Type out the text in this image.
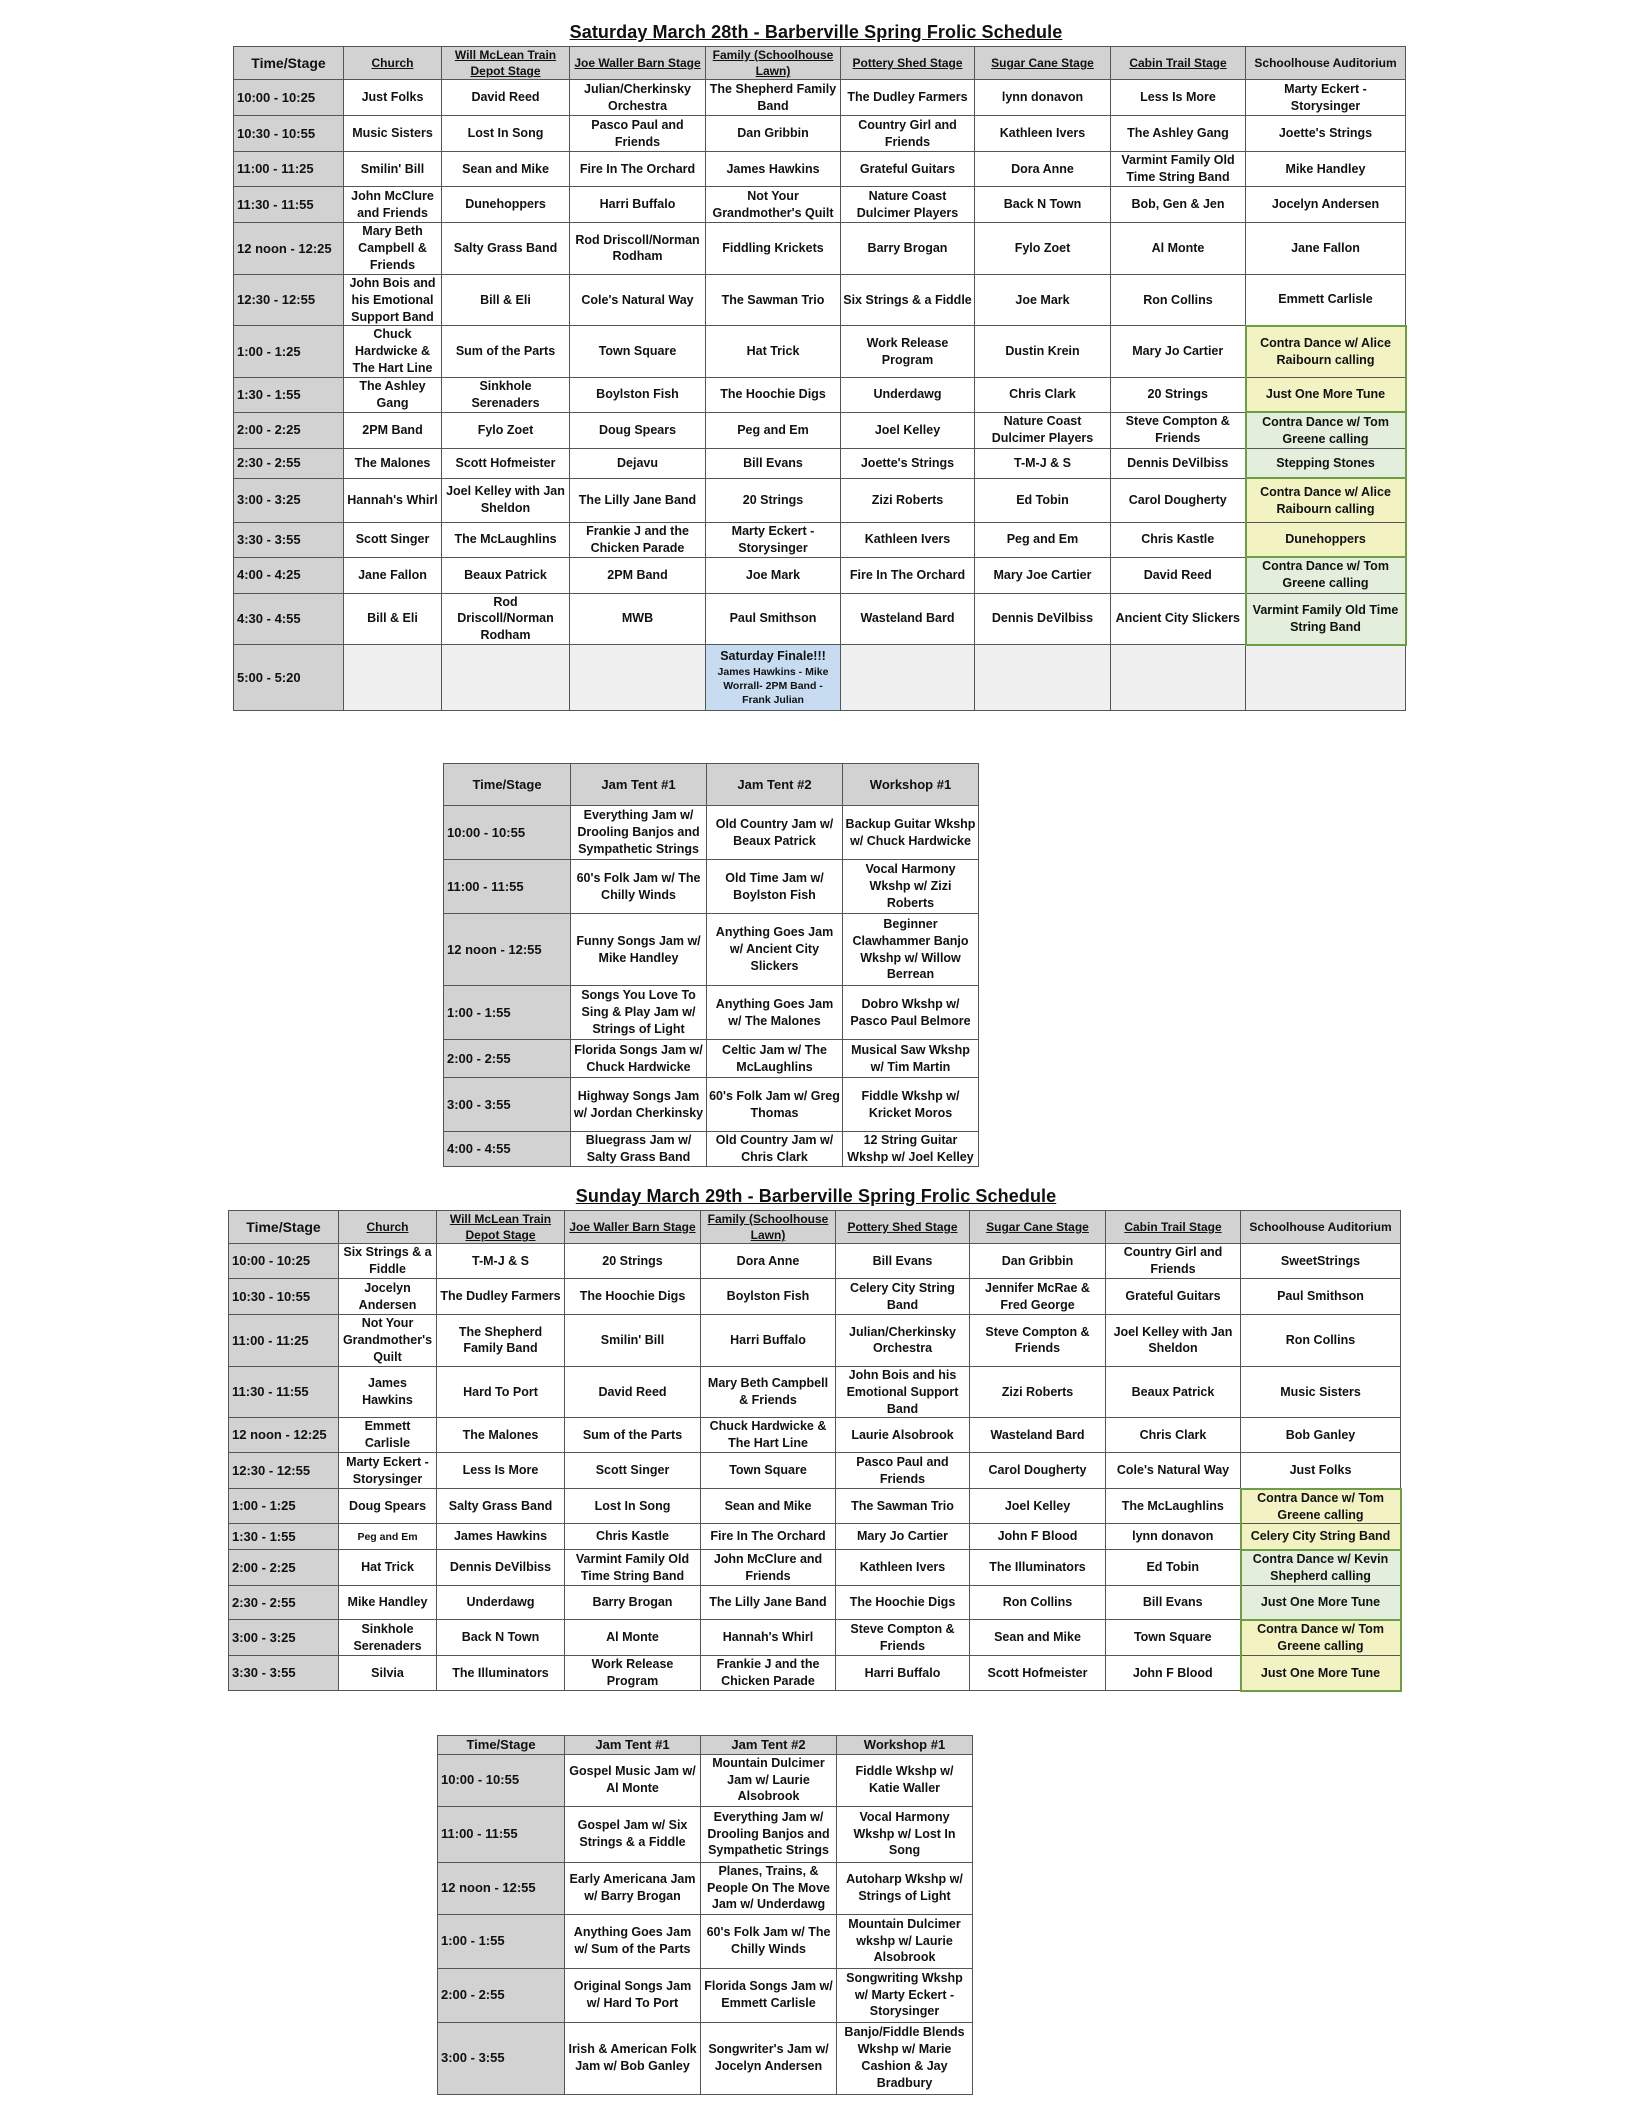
Saturday March 28th - Barberville Spring Frolic Schedule
Time/Stage	Church	Will McLean Train Depot Stage	Joe Waller Barn Stage	Family (Schoolhouse Lawn)	Pottery Shed Stage	Sugar Cane Stage	Cabin Trail Stage	Schoolhouse Auditorium
10:00 - 10:25	Just Folks	David Reed	Julian/Cherkinsky Orchestra	The Shepherd Family Band	The Dudley Farmers	lynn donavon	Less Is More	Marty Eckert - Storysinger
10:30 - 10:55	Music Sisters	Lost In Song	Pasco Paul and Friends	Dan Gribbin	Country Girl and Friends	Kathleen Ivers	The Ashley Gang	Joette's Strings
11:00 - 11:25	Smilin' Bill	Sean and Mike	Fire In The Orchard	James Hawkins	Grateful Guitars	Dora Anne	Varmint Family Old Time String Band	Mike Handley
11:30 - 11:55	John McClure and Friends	Dunehoppers	Harri Buffalo	Not Your Grandmother's Quilt	Nature Coast Dulcimer Players	Back N Town	Bob, Gen & Jen	Jocelyn Andersen
12 noon - 12:25	Mary Beth Campbell & Friends	Salty Grass Band	Rod Driscoll/Norman Rodham	Fiddling Krickets	Barry Brogan	Fylo Zoet	Al Monte	Jane Fallon
12:30 - 12:55	John Bois and his Emotional Support Band	Bill & Eli	Cole's Natural Way	The Sawman Trio	Six Strings & a Fiddle	Joe Mark	Ron Collins	Emmett Carlisle
1:00 - 1:25	Chuck Hardwicke & The Hart Line	Sum of the Parts	Town Square	Hat Trick	Work Release Program	Dustin Krein	Mary Jo Cartier	Contra Dance w/ Alice Raibourn calling
1:30 - 1:55	The Ashley Gang	Sinkhole Serenaders	Boylston Fish	The Hoochie Digs	Underdawg	Chris Clark	20 Strings	Just One More Tune
2:00 - 2:25	2PM Band	Fylo Zoet	Doug Spears	Peg and Em	Joel Kelley	Nature Coast Dulcimer Players	Steve Compton & Friends	Contra Dance w/ Tom Greene calling
2:30 - 2:55	The Malones	Scott Hofmeister	Dejavu	Bill Evans	Joette's Strings	T-M-J & S	Dennis DeVilbiss	Stepping Stones
3:00 - 3:25	Hannah's Whirl	Joel Kelley with Jan Sheldon	The Lilly Jane Band	20 Strings	Zizi Roberts	Ed Tobin	Carol Dougherty	Contra Dance w/ Alice Raibourn calling
3:30 - 3:55	Scott Singer	The McLaughlins	Frankie J and the Chicken Parade	Marty Eckert - Storysinger	Kathleen Ivers	Peg and Em	Chris Kastle	Dunehoppers
4:00 - 4:25	Jane Fallon	Beaux Patrick	2PM Band	Joe Mark	Fire In The Orchard	Mary Joe Cartier	David Reed	Contra Dance w/ Tom Greene calling
4:30 - 4:55	Bill & Eli	Rod Driscoll/Norman Rodham	MWB	Paul Smithson	Wasteland Bard	Dennis DeVilbiss	Ancient City Slickers	Varmint Family Old Time String Band
5:00 - 5:20				Saturday Finale!!!
James Hawkins - Mike Worrall- 2PM Band - Frank Julian				

Time/Stage	Jam Tent #1	Jam Tent #2	Workshop #1
10:00 - 10:55	Everything Jam w/ Drooling Banjos and Sympathetic Strings	Old Country Jam w/ Beaux Patrick	Backup Guitar Wkshp w/ Chuck Hardwicke
11:00 - 11:55	60's Folk Jam w/ The Chilly Winds	Old Time Jam w/ Boylston Fish	Vocal Harmony Wkshp w/ Zizi Roberts
12 noon - 12:55	Funny Songs Jam w/ Mike Handley	Anything Goes Jam w/ Ancient City Slickers	Beginner Clawhammer Banjo Wkshp w/ Willow Berrean
1:00 - 1:55	Songs You Love To Sing & Play Jam w/ Strings of Light	Anything Goes Jam w/ The Malones	Dobro Wkshp w/ Pasco Paul Belmore
2:00 - 2:55	Florida Songs Jam w/ Chuck Hardwicke	Celtic Jam w/ The McLaughlins	Musical Saw Wkshp w/ Tim Martin
3:00 - 3:55	Highway Songs Jam w/ Jordan Cherkinsky	60's Folk Jam w/ Greg Thomas	Fiddle Wkshp w/ Kricket Moros
4:00 - 4:55	Bluegrass Jam w/ Salty Grass Band	Old Country Jam w/ Chris Clark	12 String Guitar Wkshp w/ Joel Kelley
Sunday March 29th - Barberville Spring Frolic Schedule
Time/Stage	Church	Will McLean Train Depot Stage	Joe Waller Barn Stage	Family (Schoolhouse Lawn)	Pottery Shed Stage	Sugar Cane Stage	Cabin Trail Stage	Schoolhouse Auditorium
10:00 - 10:25	Six Strings & a Fiddle	T-M-J & S	20 Strings	Dora Anne	Bill Evans	Dan Gribbin	Country Girl and Friends	SweetStrings
10:30 - 10:55	Jocelyn Andersen	The Dudley Farmers	The Hoochie Digs	Boylston Fish	Celery City String Band	Jennifer McRae & Fred George	Grateful Guitars	Paul Smithson
11:00 - 11:25	Not Your Grandmother's Quilt	The Shepherd Family Band	Smilin' Bill	Harri Buffalo	Julian/Cherkinsky Orchestra	Steve Compton & Friends	Joel Kelley with Jan Sheldon	Ron Collins
11:30 - 11:55	James Hawkins	Hard To Port	David Reed	Mary Beth Campbell & Friends	John Bois and his Emotional Support Band	Zizi Roberts	Beaux Patrick	Music Sisters
12 noon - 12:25	Emmett Carlisle	The Malones	Sum of the Parts	Chuck Hardwicke & The Hart Line	Laurie Alsobrook	Wasteland Bard	Chris Clark	Bob Ganley
12:30 - 12:55	Marty Eckert - Storysinger	Less Is More	Scott Singer	Town Square	Pasco Paul and Friends	Carol Dougherty	Cole's Natural Way	Just Folks
1:00 - 1:25	Doug Spears	Salty Grass Band	Lost In Song	Sean and Mike	The Sawman Trio	Joel Kelley	The McLaughlins	Contra Dance w/ Tom Greene calling
1:30 - 1:55	Peg and Em	James Hawkins	Chris Kastle	Fire In The Orchard	Mary Jo Cartier	John F Blood	lynn donavon	Celery City String Band
2:00 - 2:25	Hat Trick	Dennis DeVilbiss	Varmint Family Old Time String Band	John McClure and Friends	Kathleen Ivers	The Illuminators	Ed Tobin	Contra Dance w/ Kevin Shepherd calling
2:30 - 2:55	Mike Handley	Underdawg	Barry Brogan	The Lilly Jane Band	The Hoochie Digs	Ron Collins	Bill Evans	Just One More Tune
3:00 - 3:25	Sinkhole Serenaders	Back N Town	Al Monte	Hannah's Whirl	Steve Compton & Friends	Sean and Mike	Town Square	Contra Dance w/ Tom Greene calling
3:30 - 3:55	Silvia	The Illuminators	Work Release Program	Frankie J and the Chicken Parade	Harri Buffalo	Scott Hofmeister	John F Blood	Just One More Tune
Time/Stage	Jam Tent #1	Jam Tent #2	Workshop #1
10:00 - 10:55	Gospel Music Jam w/ Al Monte	Mountain Dulcimer Jam w/ Laurie Alsobrook	Fiddle Wkshp w/ Katie Waller
11:00 - 11:55	Gospel Jam w/ Six Strings & a Fiddle	Everything Jam w/ Drooling Banjos and Sympathetic Strings	Vocal Harmony Wkshp w/ Lost In Song
12 noon - 12:55	Early Americana Jam w/ Barry Brogan	Planes, Trains, & People On The Move Jam w/ Underdawg	Autoharp Wkshp w/ Strings of Light
1:00 - 1:55	Anything Goes Jam w/ Sum of the Parts	60's Folk Jam w/ The Chilly Winds	Mountain Dulcimer wkshp w/ Laurie Alsobrook
2:00 - 2:55	Original Songs Jam w/ Hard To Port	Florida Songs Jam w/ Emmett Carlisle	Songwriting Wkshp w/ Marty Eckert - Storysinger
3:00 - 3:55	Irish & American Folk Jam w/ Bob Ganley	Songwriter's Jam w/ Jocelyn Andersen	Banjo/Fiddle Blends Wkshp w/ Marie Cashion & Jay Bradbury
